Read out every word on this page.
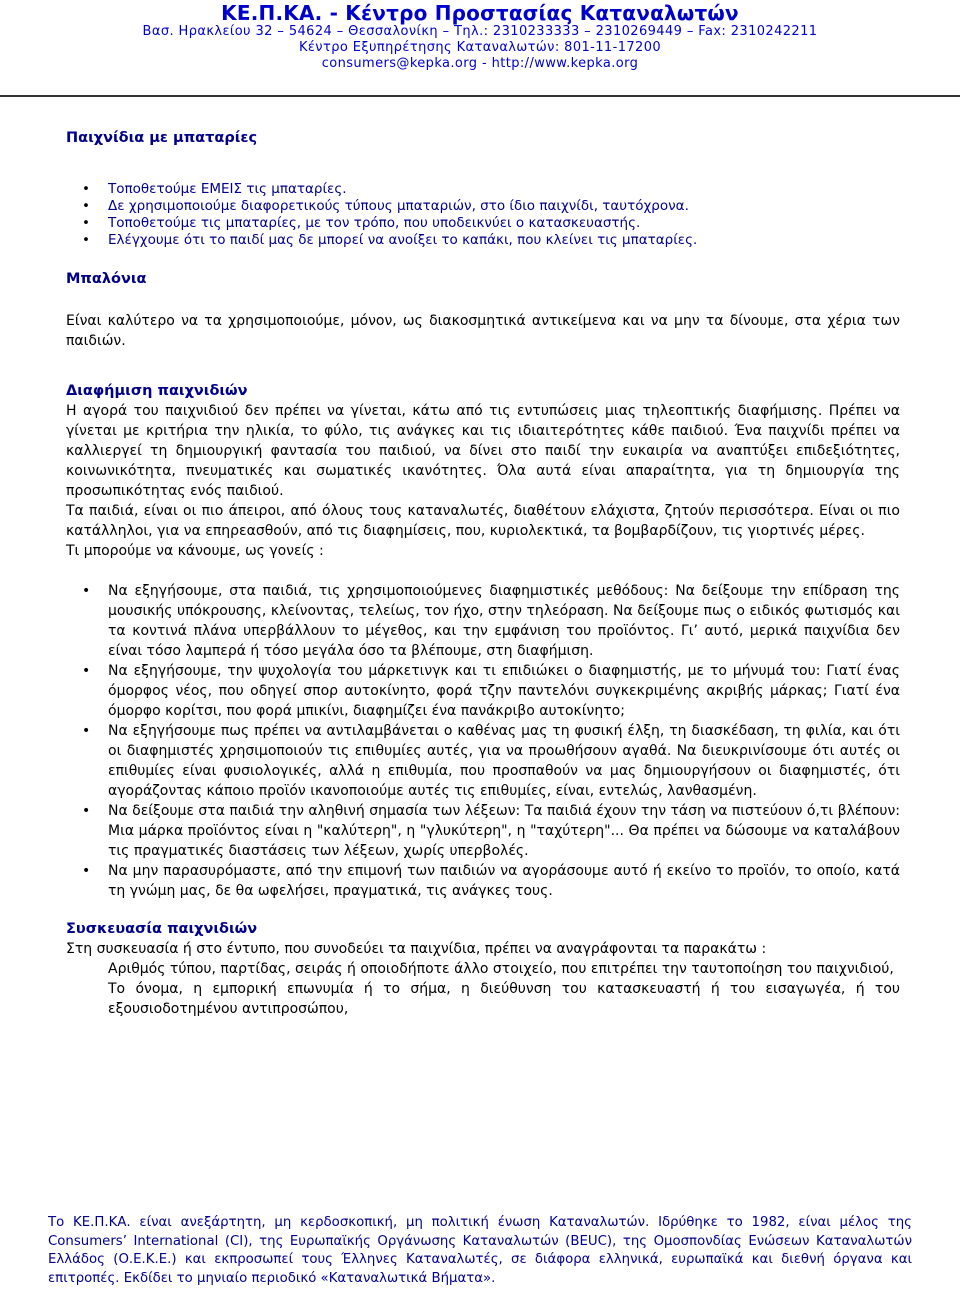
ΚΕ.Π.ΚΑ. - Κέντρο Προστασίας Καταναλωτών
Βασ. Ηρακλείου 32 – 54624 – Θεσσαλονίκη – Τηλ.: 2310233333 – 2310269449 – Fax: 2310242211
Κέντρο Εξυπηρέτησης Καταναλωτών: 801-11-17200
consumers@kepka.org - http://www.kepka.org
Παιχνίδια με μπαταρίες
• Τοποθετούμε ΕΜΕΙΣ τις μπαταρίες.
• Δε χρησιμοποιούμε διαφορετικούς τύπους μπαταριών, στο ίδιο παιχνίδι, ταυτόχρονα.
• Τοποθετούμε τις μπαταρίες, με τον τρόπο, που υποδεικνύει ο κατασκευαστής.
• Ελέγχουμε ότι το παιδί μας δε μπορεί να ανοίξει το καπάκι, που κλείνει τις μπαταρίες.
Μπαλόνια

Είναι καλύτερο να τα χρησιμοποιούμε, μόνον, ως διακοσμητικά αντικείμενα και να μην τα δίνουμε, στα χέρια των παιδιών.

Διαφήμιση παιχνιδιών

Η αγορά του παιχνιδιού δεν πρέπει να γίνεται, κάτω από τις εντυπώσεις μιας τηλεοπτικής διαφήμισης. Πρέπει να γίνεται με κριτήρια την ηλικία, το φύλο, τις ανάγκες και τις ιδιαιτερότητες κάθε παιδιού. Ένα παιχνίδι πρέπει να καλλιεργεί τη δημιουργική φαντασία του παιδιού, να δίνει στο παιδί την ευκαιρία να αναπτύξει επιδεξιότητες, κοινωνικότητα, πνευματικές και σωματικές ικανότητες. Όλα αυτά είναι απαραίτητα, για τη δημιουργία της προσωπικότητας ενός παιδιού.

Τα παιδιά, είναι οι πιο άπειροι, από όλους τους καταναλωτές, διαθέτουν ελάχιστα, ζητούν περισσότερα. Είναι οι πιο κατάλληλοι, για να επηρεασθούν, από τις διαφημίσεις, που, κυριολεκτικά, τα βομβαρδίζουν, τις γιορτινές μέρες.

Τι μπορούμε να κάνουμε, ως γονείς :

• Να εξηγήσουμε, στα παιδιά, τις χρησιμοποιούμενες διαφημιστικές μεθόδους: Να δείξουμε την επίδραση της μουσικής υπόκρουσης, κλείνοντας, τελείως, τον ήχο, στην τηλεόραση. Να δείξουμε πως ο ειδικός φωτισμός και τα κοντινά πλάνα υπερβάλλουν το μέγεθος, και την εμφάνιση του προϊόντος. Γι’ αυτό, μερικά παιχνίδια δεν είναι τόσο λαμπερά ή τόσο μεγάλα όσο τα βλέπουμε, στη διαφήμιση.
• Να εξηγήσουμε, την ψυχολογία του μάρκετινγκ και τι επιδιώκει ο διαφημιστής, με το μήνυμά του: Γιατί ένας όμορφος νέος, που οδηγεί σπορ αυτοκίνητο, φορά τζην παντελόνι συγκεκριμένης ακριβής μάρκας; Γιατί ένα όμορφο κορίτσι, που φορά μπικίνι, διαφημίζει ένα πανάκριβο αυτοκίνητο;
• Να εξηγήσουμε πως πρέπει να αντιλαμβάνεται ο καθένας μας τη φυσική έλξη, τη διασκέδαση, τη φιλία, και ότι οι διαφημιστές χρησιμοποιούν τις επιθυμίες αυτές, για να προωθήσουν αγαθά. Να διευκρινίσουμε ότι αυτές οι επιθυμίες είναι φυσιολογικές, αλλά η επιθυμία, που προσπαθούν να μας δημιουργήσουν οι διαφημιστές, ότι αγοράζοντας κάποιο προϊόν ικανοποιούμε αυτές τις επιθυμίες, είναι, εντελώς, λανθασμένη.
• Να δείξουμε στα παιδιά την αληθινή σημασία των λέξεων: Τα παιδιά έχουν την τάση να πιστεύουν ό,τι βλέπουν: Μια μάρκα προϊόντος είναι η "καλύτερη", η "γλυκύτερη", η "ταχύτερη"... Θα πρέπει να δώσουμε να καταλάβουν τις πραγματικές διαστάσεις των λέξεων, χωρίς υπερβολές.
• Να μην παρασυρόμαστε, από την επιμονή των παιδιών να αγοράσουμε αυτό ή εκείνο το προϊόν, το οποίο, κατά τη γνώμη μας, δε θα ωφελήσει, πραγματικά, τις ανάγκες τους.
Συσκευασία παιχνιδιών

Στη συσκευασία ή στο έντυπο, που συνοδεύει τα παιχνίδια, πρέπει να αναγράφονται τα παρακάτω :

Αριθμός τύπου, παρτίδας, σειράς ή οποιοδήποτε άλλο στοιχείο, που επιτρέπει την ταυτοποίηση του παιχνιδιού,
Το όνομα, η εμπορική επωνυμία ή το σήμα, η διεύθυνση του κατασκευαστή ή του εισαγωγέα, ή του εξουσιοδοτημένου αντιπροσώπου,
Το ΚΕ.Π.ΚΑ. είναι ανεξάρτητη, μη κερδοσκοπική, μη πολιτική ένωση Καταναλωτών. Ιδρύθηκε το 1982, είναι μέλος της Consumers’ International (CI), της Ευρωπαϊκής Οργάνωσης Καταναλωτών (BEUC), της Ομοσπονδίας Ενώσεων Καταναλωτών Ελλάδος (Ο.Ε.Κ.Ε.) και εκπροσωπεί τους Έλληνες Καταναλωτές, σε διάφορα ελληνικά, ευρωπαϊκά και διεθνή όργανα και επιτροπές. Εκδίδει το μηνιαίο περιοδικό «Καταναλωτικά Βήματα».
